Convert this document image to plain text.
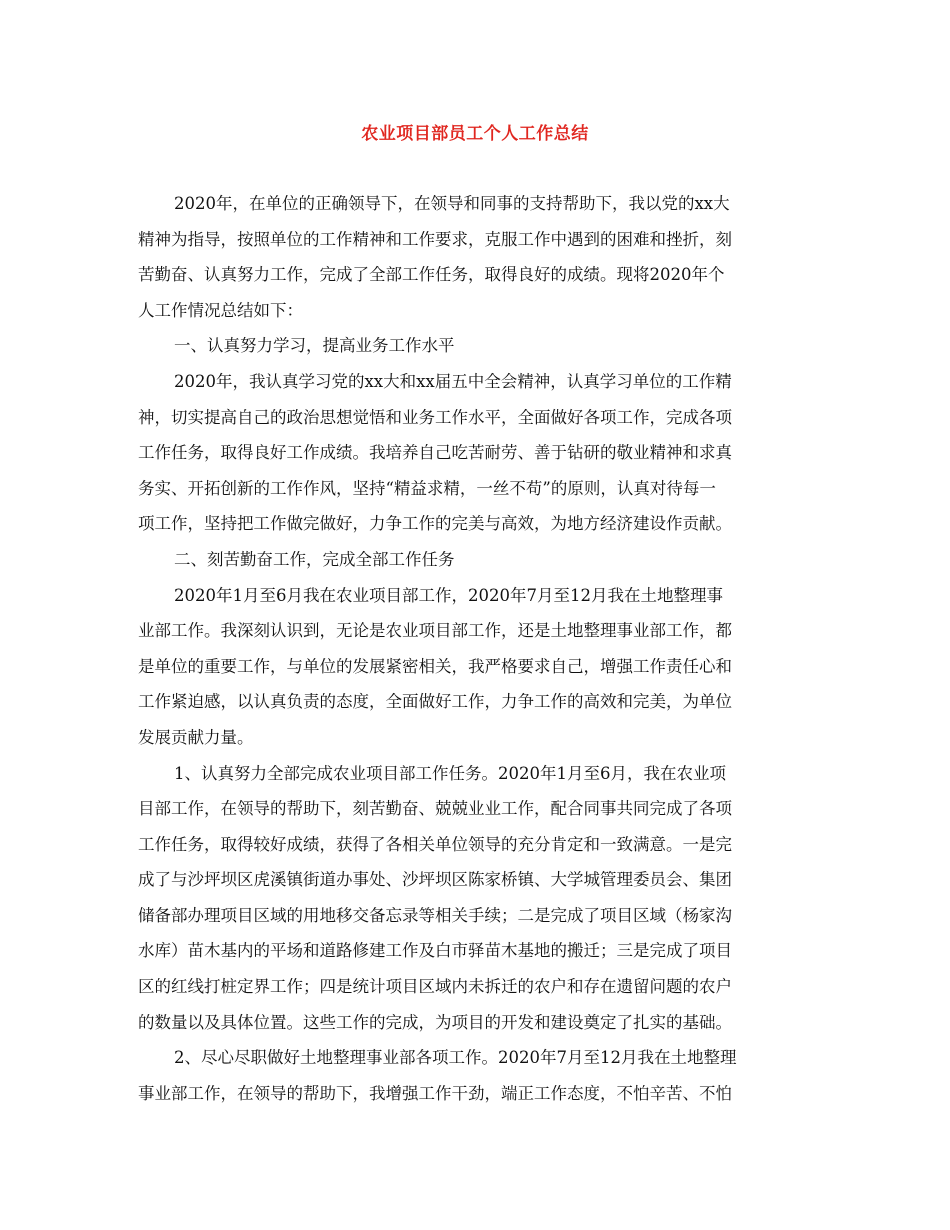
农业项目部员工个人工作总结
2020年，在单位的正确领导下，在领导和同事的支持帮助下，我以党的xx大
精神为指导，按照单位的工作精神和工作要求，克服工作中遇到的困难和挫折，刻
苦勤奋、认真努力工作，完成了全部工作任务，取得良好的成绩。现将2020年个
人工作情况总结如下：
一、认真努力学习，提高业务工作水平
2020年，我认真学习党的xx大和xx届五中全会精神，认真学习单位的工作精
神，切实提高自己的政治思想觉悟和业务工作水平，全面做好各项工作，完成各项
工作任务，取得良好工作成绩。我培养自己吃苦耐劳、善于钻研的敬业精神和求真
务实、开拓创新的工作作风，坚持“精益求精，一丝不苟”的原则，认真对待每一
项工作，坚持把工作做完做好，力争工作的完美与高效，为地方经济建设作贡献。
二、刻苦勤奋工作，完成全部工作任务
2020年1月至6月我在农业项目部工作，2020年7月至12月我在土地整理事
业部工作。我深刻认识到，无论是农业项目部工作，还是土地整理事业部工作，都
是单位的重要工作，与单位的发展紧密相关，我严格要求自己，增强工作责任心和
工作紧迫感，以认真负责的态度，全面做好工作，力争工作的高效和完美，为单位
发展贡献力量。
1、认真努力全部完成农业项目部工作任务。2020年1月至6月，我在农业项
目部工作，在领导的帮助下，刻苦勤奋、兢兢业业工作，配合同事共同完成了各项
工作任务，取得较好成绩，获得了各相关单位领导的充分肯定和一致满意。一是完
成了与沙坪坝区虎溪镇街道办事处、沙坪坝区陈家桥镇、大学城管理委员会、集团
储备部办理项目区域的用地移交备忘录等相关手续；二是完成了项目区域（杨家沟
水库）苗木基内的平场和道路修建工作及白市驿苗木基地的搬迁；三是完成了项目
区的红线打桩定界工作；四是统计项目区域内未拆迁的农户和存在遗留问题的农户
的数量以及具体位置。这些工作的完成，为项目的开发和建设奠定了扎实的基础。
2、尽心尽职做好土地整理事业部各项工作。2020年7月至12月我在土地整理
事业部工作，在领导的帮助下，我增强工作干劲，端正工作态度，不怕辛苦、不怕
